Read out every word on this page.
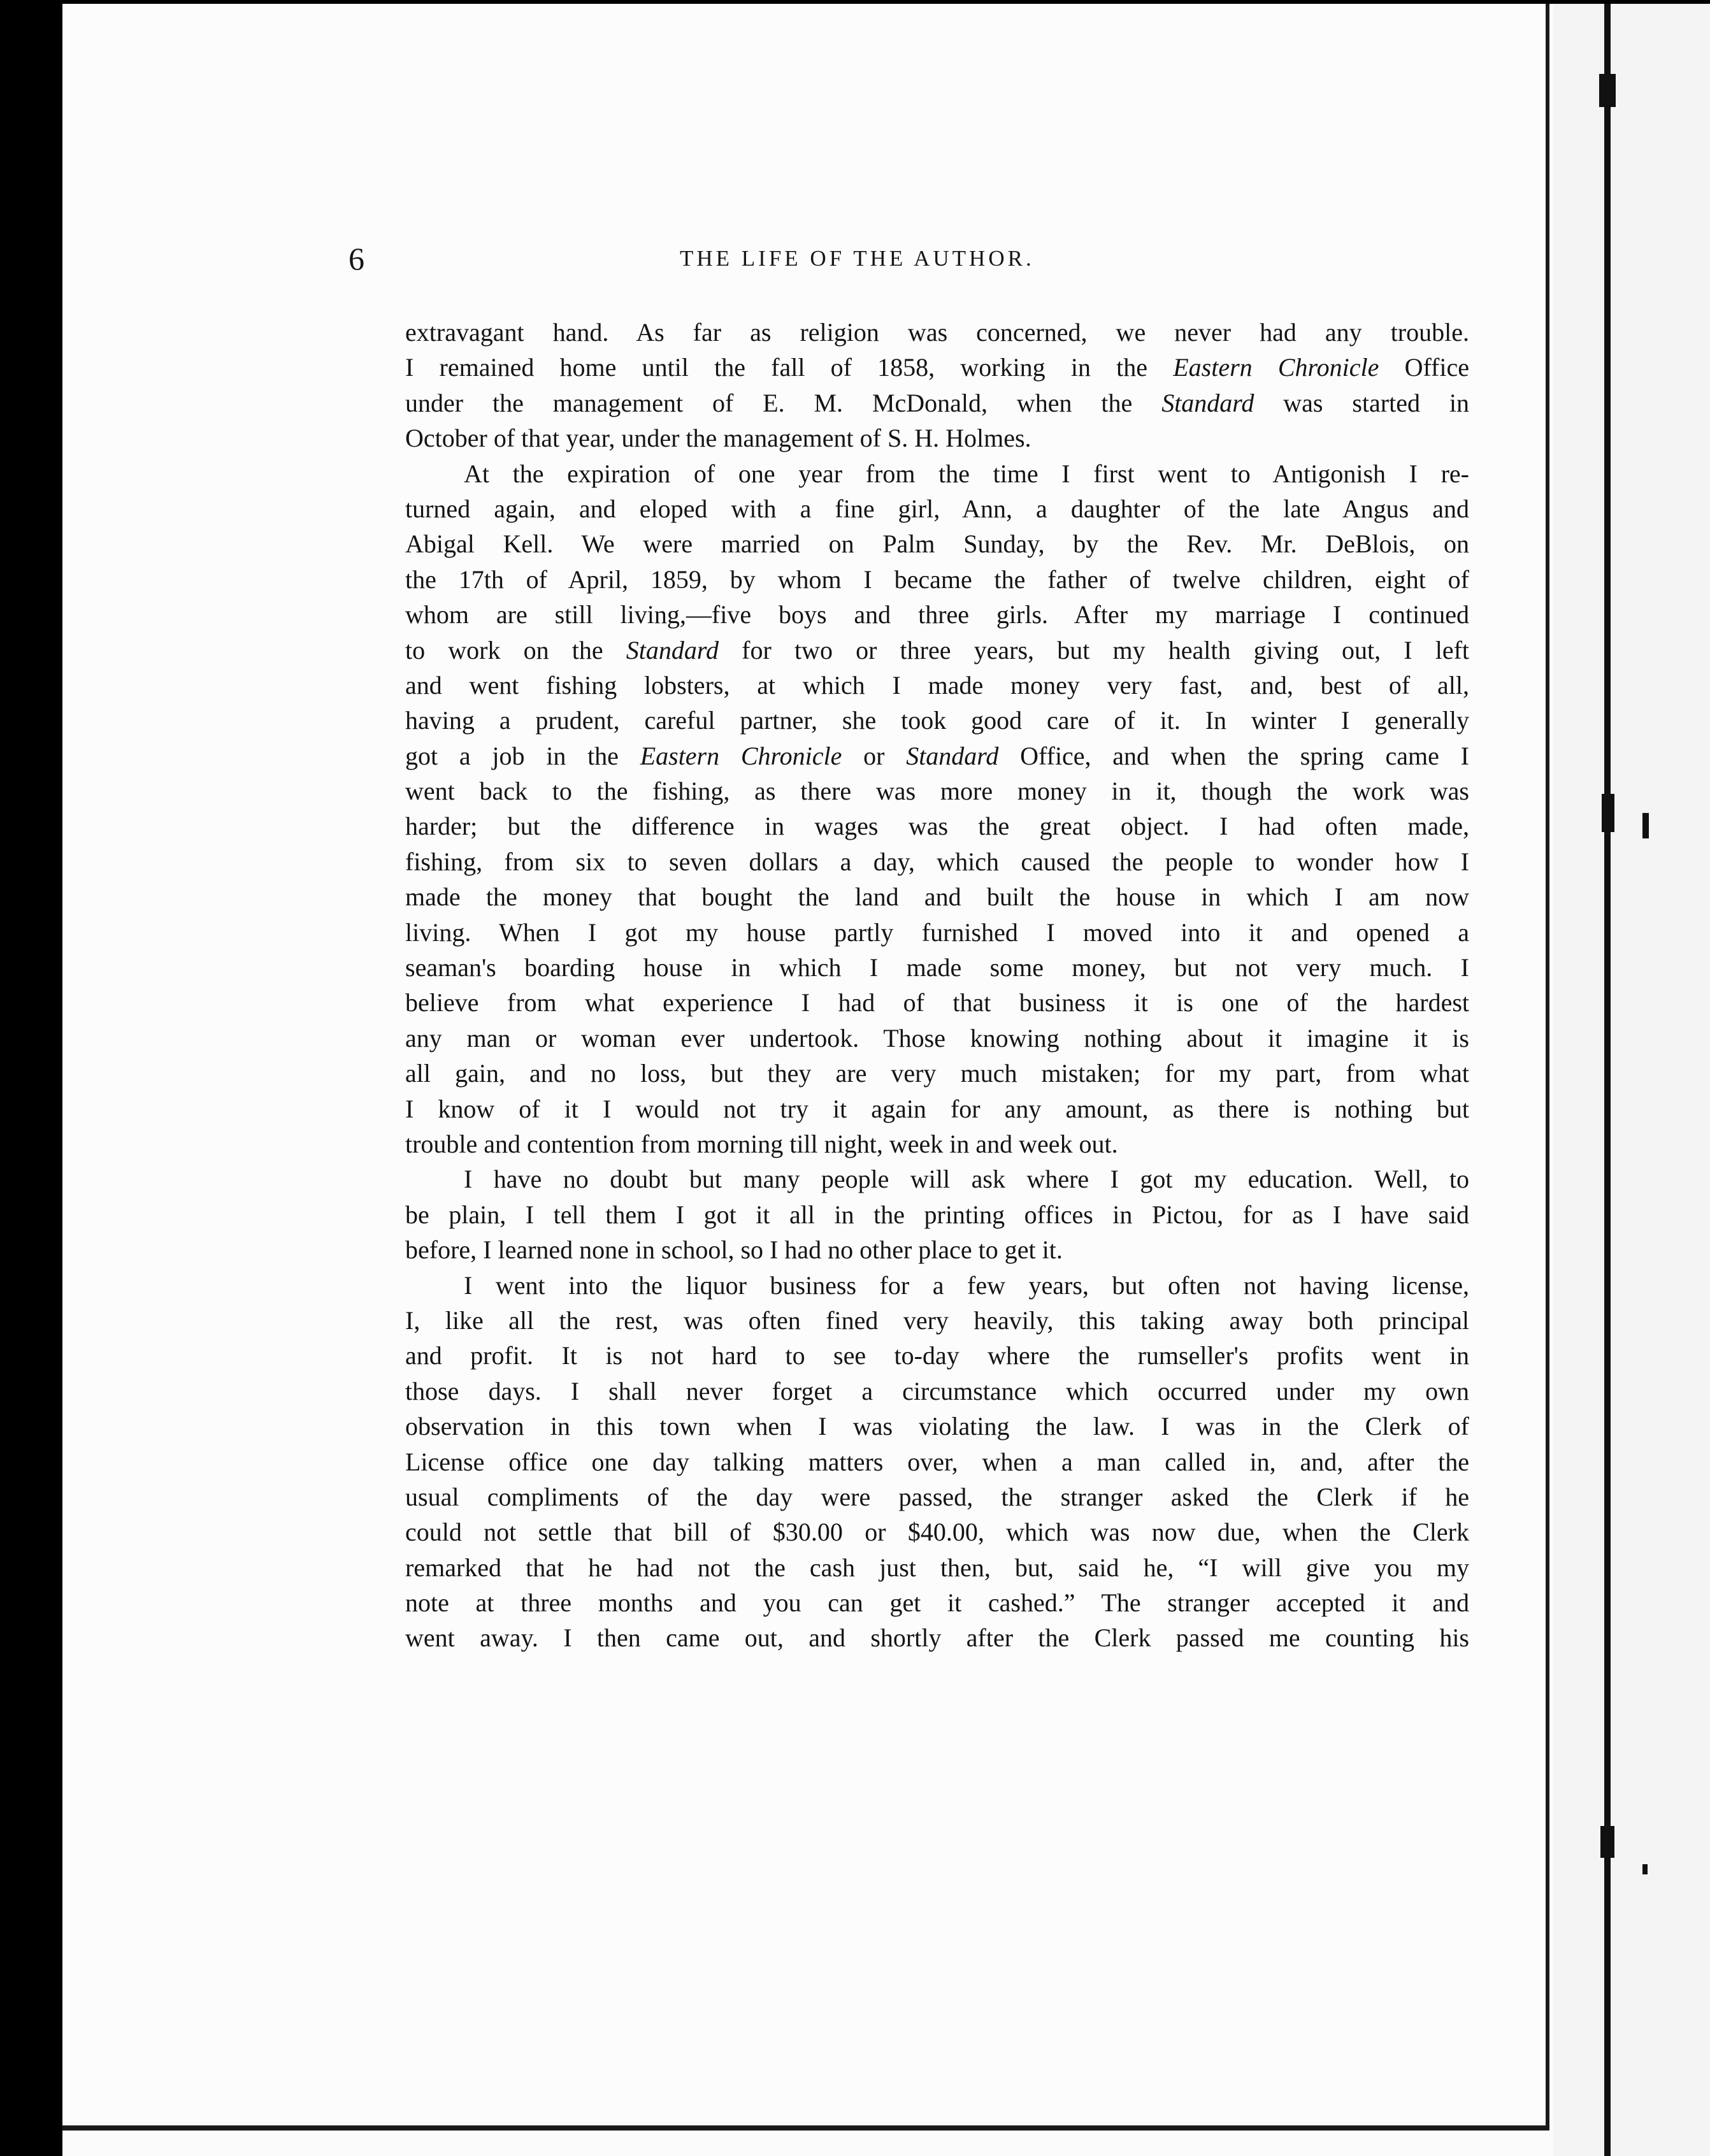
6	THE LIFE OF THE AUTHOR.
extravagant hand. As far as religion was concerned, we never had any trouble.
I remained home until the fall of 1858, working in the Eastern Chronicle Office
under the management of E. M. McDonald, when the Standard was started in
October of that year, under the management of S. H. Holmes.
At the expiration of one year from the time I first went to Antigonish I re-
turned again, and eloped with a fine girl, Ann, a daughter of the late Angus and
Abigal Kell. We were married on Palm Sunday, by the Rev. Mr. DeBlois, on
the 17th of April, 1859, by whom I became the father of twelve children, eight of
whom are still living,—five boys and three girls. After my marriage I continued
to work on the Standard for two or three years, but my health giving out, I left
and went fishing lobsters, at which I made money very fast, and, best of all,
having a prudent, careful partner, she took good care of it. In winter I generally
got a job in the Eastern Chronicle or Standard Office, and when the spring came I
went back to the fishing, as there was more money in it, though the work was
harder; but the difference in wages was the great object. I had often made,
fishing, from six to seven dollars a day, which caused the people to wonder how I
made the money that bought the land and built the house in which I am now
living. When I got my house partly furnished I moved into it and opened a
seaman's boarding house in which I made some money, but not very much. I
believe from what experience I had of that business it is one of the hardest
any man or woman ever undertook. Those knowing nothing about it imagine it is
all gain, and no loss, but they are very much mistaken; for my part, from what
I know of it I would not try it again for any amount, as there is nothing but
trouble and contention from morning till night, week in and week out.
I have no doubt but many people will ask where I got my education. Well, to
be plain, I tell them I got it all in the printing offices in Pictou, for as I have said
before, I learned none in school, so I had no other place to get it.
I went into the liquor business for a few years, but often not having license,
I, like all the rest, was often fined very heavily, this taking away both principal
and profit. It is not hard to see to-day where the rumseller's profits went in
those days. I shall never forget a circumstance which occurred under my own
observation in this town when I was violating the law. I was in the Clerk of
License office one day talking matters over, when a man called in, and, after the
usual compliments of the day were passed, the stranger asked the Clerk if he
could not settle that bill of $30.00 or $40.00, which was now due, when the Clerk
remarked that he had not the cash just then, but, said he, “I will give you my
note at three months and you can get it cashed.” The stranger accepted it and
went away. I then came out, and shortly after the Clerk passed me counting his
